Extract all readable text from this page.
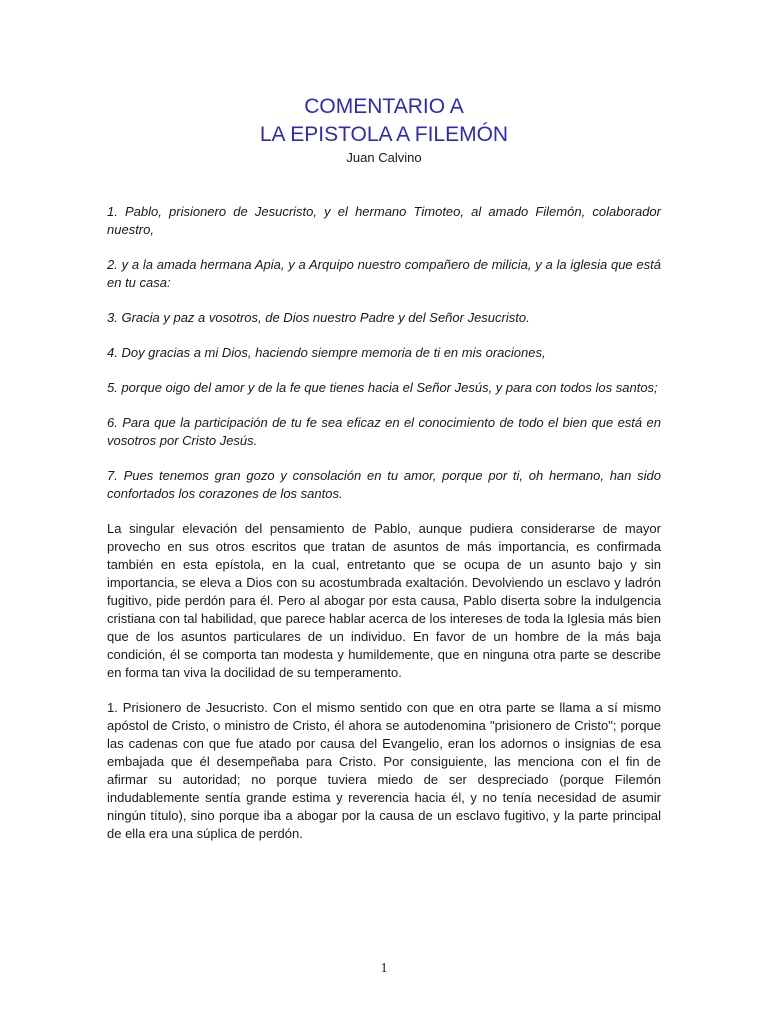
COMENTARIO A
LA EPISTOLA A FILEMÓN
Juan Calvino

1. Pablo, prisionero de Jesucristo, y el hermano Timoteo, al amado Filemón, colaborador nuestro,

2. y a la amada hermana Apia, y a Arquipo nuestro compañero de milicia, y a la iglesia que está en tu casa:

3. Gracia y paz a vosotros, de Dios nuestro Padre y del Señor Jesucristo.

4. Doy gracias a mi Dios, haciendo siempre memoria de ti en mis oraciones,

5. porque oigo del amor y de la fe que tienes hacia el Señor Jesús, y para con todos los santos;

6. Para que la participación de tu fe sea eficaz en el conocimiento de todo el bien que está en vosotros por Cristo Jesús.

7. Pues tenemos gran gozo y consolación en tu amor, porque por ti, oh hermano, han sido confortados los corazones de los santos.

La singular elevación del pensamiento de Pablo, aunque pudiera considerarse de mayor provecho en sus otros escritos que tratan de asuntos de más importancia, es confirmada también en esta epístola, en la cual, entretanto que se ocupa de un asunto bajo y sin importancia, se eleva a Dios con su acostumbrada exaltación. Devolviendo un esclavo y ladrón fugitivo, pide perdón para él. Pero al abogar por esta causa, Pablo diserta sobre la indulgencia cristiana con tal habilidad, que parece hablar acerca de los intereses de toda la Iglesia más bien que de los asuntos particulares de un individuo. En favor de un hombre de la más baja condición, él se comporta tan modesta y humildemente, que en ninguna otra parte se describe en forma tan viva la docilidad de su temperamento.

1. Prisionero de Jesucristo. Con el mismo sentido con que en otra parte se llama a sí mismo apóstol de Cristo, o ministro de Cristo, él ahora se autodenomina "prisionero de Cristo"; porque las cadenas con que fue atado por causa del Evangelio, eran los adornos o insignias de esa embajada que él desempeñaba para Cristo. Por consiguiente, las menciona con el fin de afirmar su autoridad; no porque tuviera miedo de ser despreciado (porque Filemón indudablemente sentía grande estima y reverencia hacia él, y no tenía necesidad de asumir ningún título), sino porque iba a abogar por la causa de un esclavo fugitivo, y la parte principal de ella era una súplica de perdón.

1
